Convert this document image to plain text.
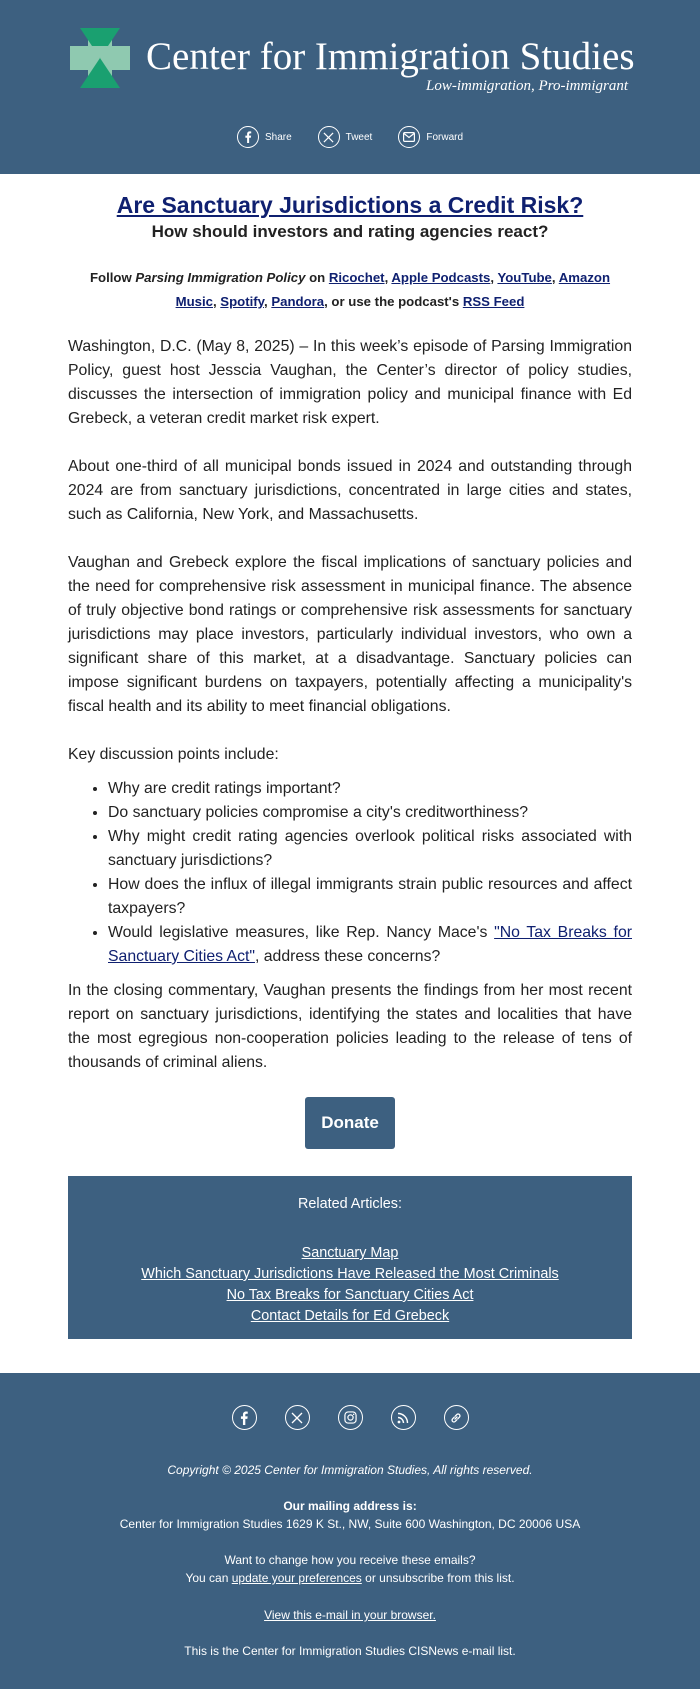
Center for Immigration Studies
Low-immigration, Pro-immigrant
Share	Tweet	Forward
Are Sanctuary Jurisdictions a Credit Risk?
How should investors and rating agencies react?
Follow Parsing Immigration Policy on Ricochet, Apple Podcasts, YouTube, Amazon Music, Spotify, Pandora, or use the podcast's RSS Feed

Washington, D.C. (May 8, 2025) – In this week’s episode of Parsing Immigration Policy, guest host Jesscia Vaughan, the Center’s director of policy studies, discusses the intersection of immigration policy and municipal finance with Ed Grebeck, a veteran credit market risk expert.

About one-third of all municipal bonds issued in 2024 and outstanding through 2024 are from sanctuary jurisdictions, concentrated in large cities and states, such as California, New York, and Massachusetts.

Vaughan and Grebeck explore the fiscal implications of sanctuary policies and the need for comprehensive risk assessment in municipal finance. The absence of truly objective bond ratings or comprehensive risk assessments for sanctuary jurisdictions may place investors, particularly individual investors, who own a significant share of this market, at a disadvantage. Sanctuary policies can impose significant burdens on taxpayers, potentially affecting a municipality's fiscal health and its ability to meet financial obligations.

Key discussion points include:

• Why are credit ratings important?
• Do sanctuary policies compromise a city's creditworthiness?
• Why might credit rating agencies overlook political risks associated with sanctuary jurisdictions?
• How does the influx of illegal immigrants strain public resources and affect taxpayers?
• Would legislative measures, like Rep. Nancy Mace's "No Tax Breaks for Sanctuary Cities Act", address these concerns?

In the closing commentary, Vaughan presents the findings from her most recent report on sanctuary jurisdictions, identifying the states and localities that have the most egregious non-cooperation policies leading to the release of tens of thousands of criminal aliens.

Donate
Related Articles:
Sanctuary Map
Which Sanctuary Jurisdictions Have Released the Most Criminals
No Tax Breaks for Sanctuary Cities Act
Contact Details for Ed Grebeck
Copyright © 2025 Center for Immigration Studies, All rights reserved.
Our mailing address is:
Center for Immigration Studies 1629 K St., NW, Suite 600 Washington, DC 20006 USA
Want to change how you receive these emails?
You can update your preferences or unsubscribe from this list.
View this e-mail in your browser.
This is the Center for Immigration Studies CISNews e-mail list.
